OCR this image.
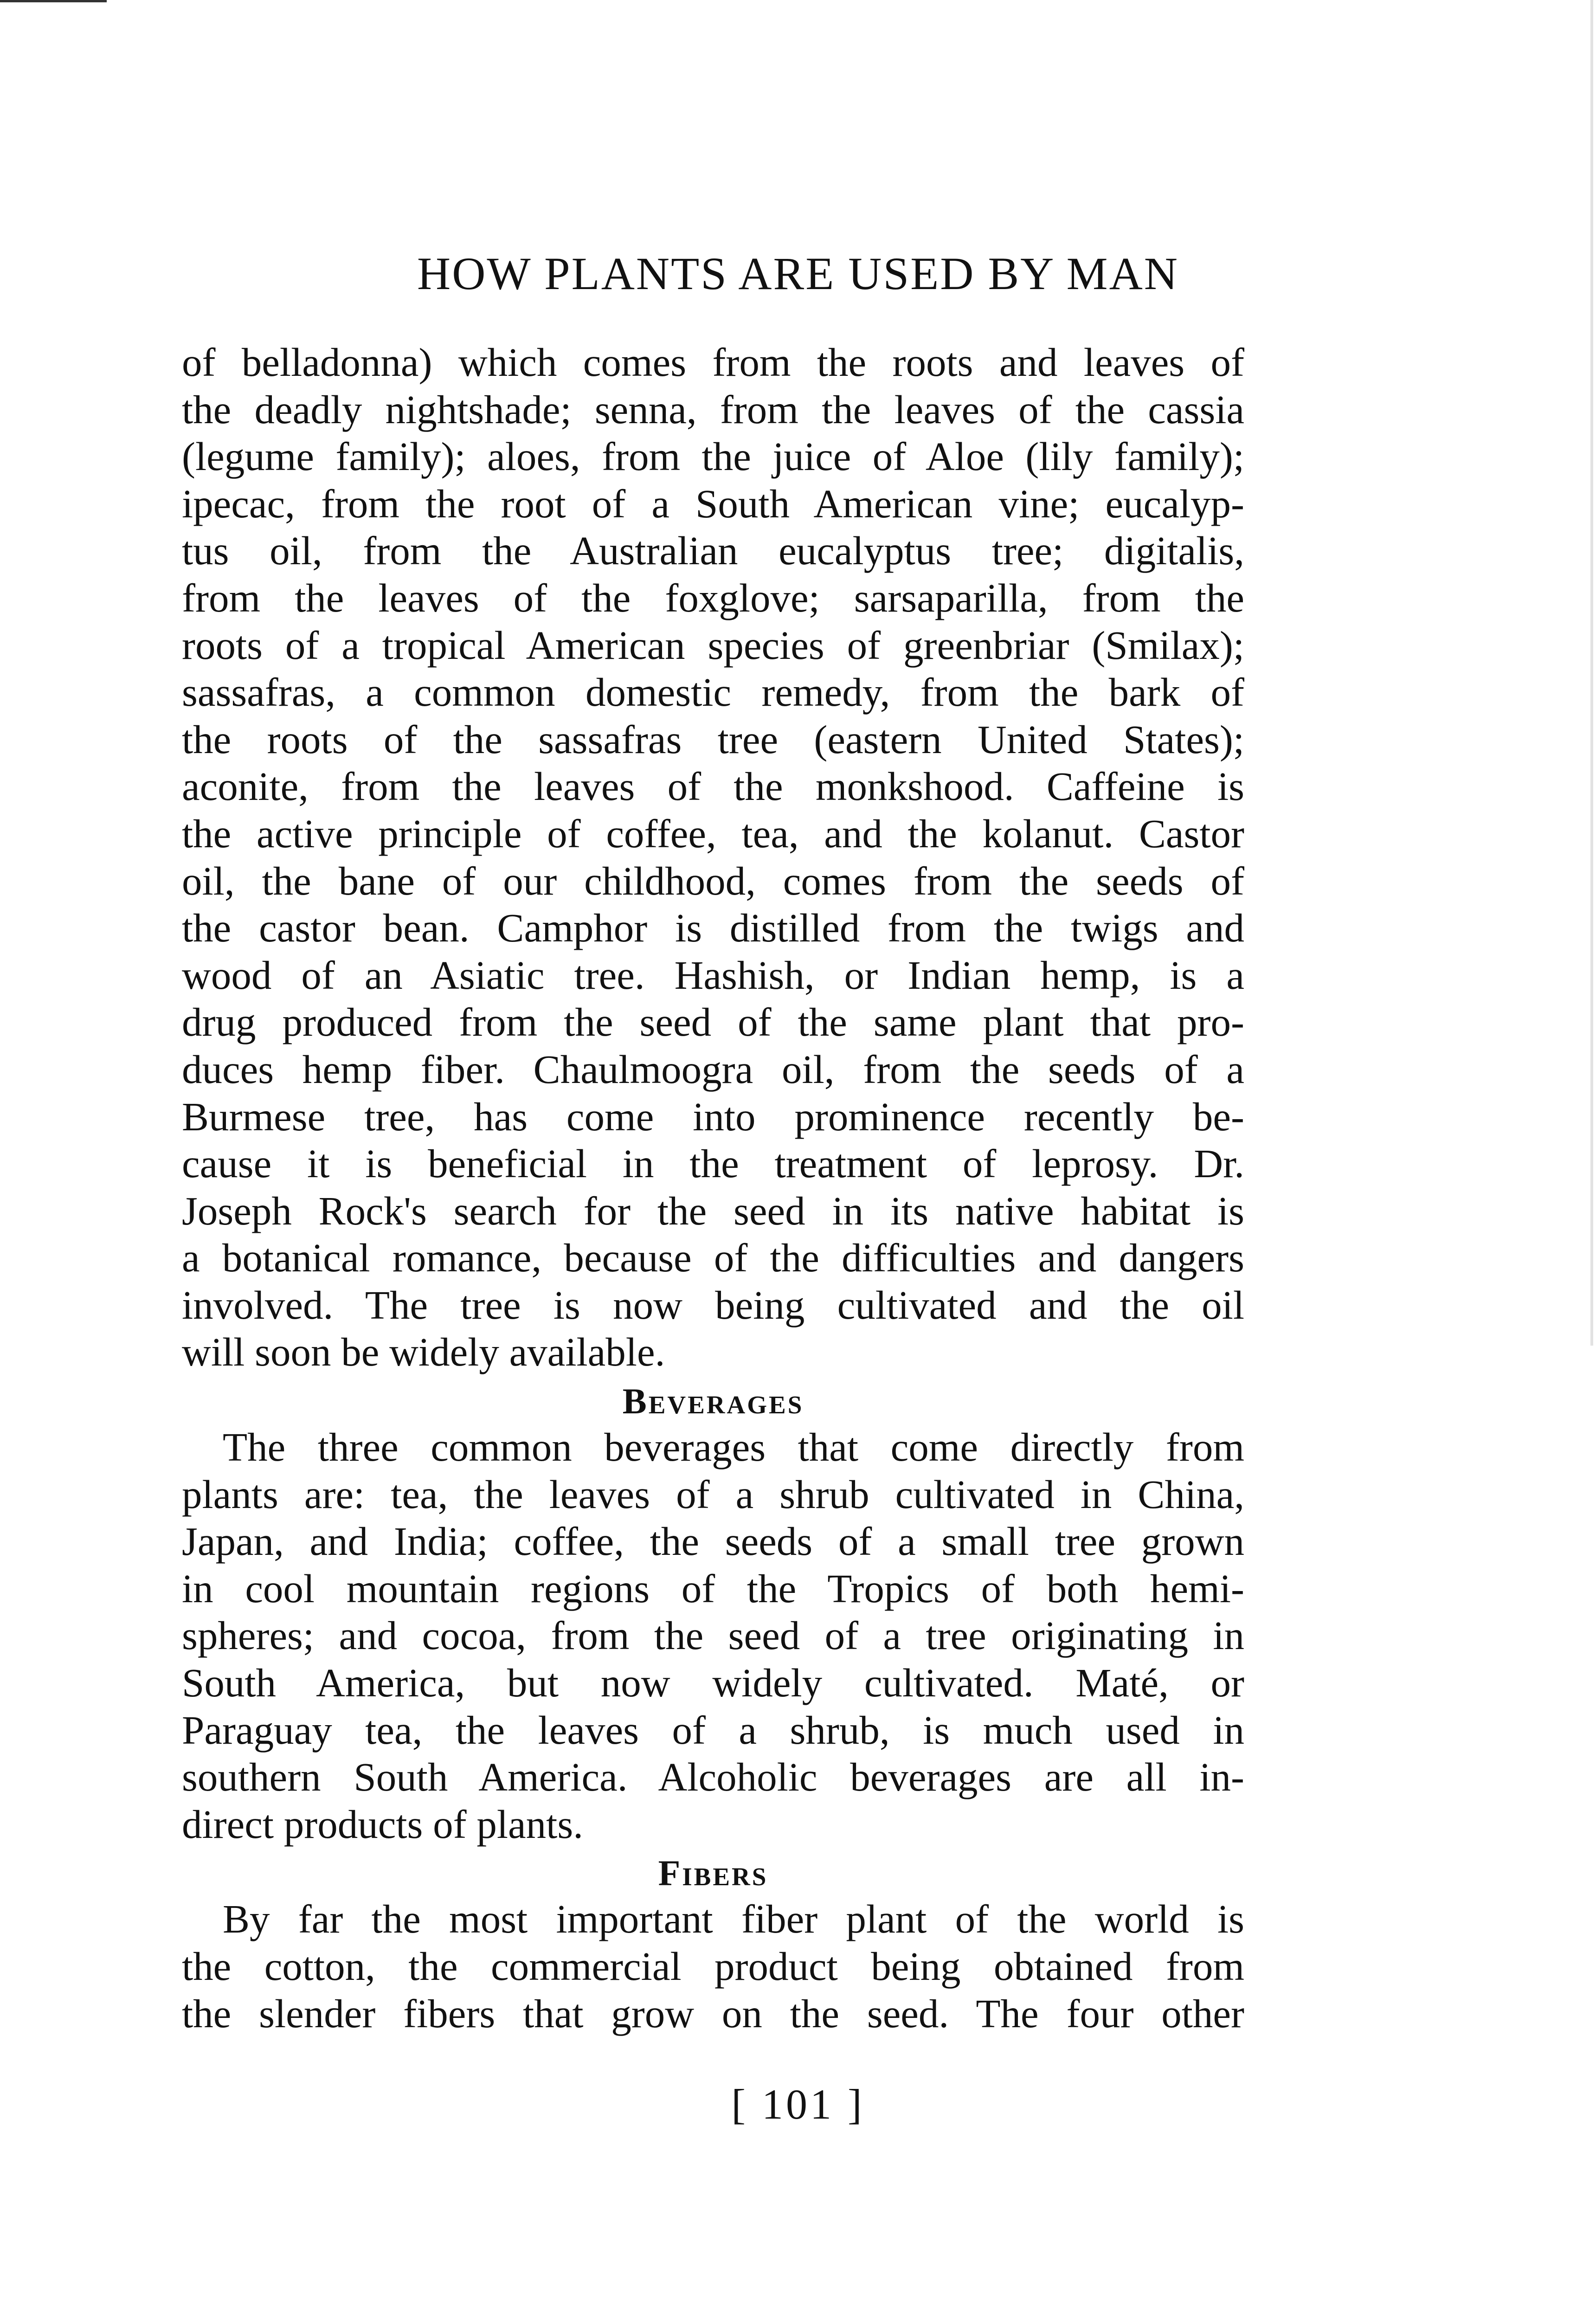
HOW PLANTS ARE USED BY MAN

of belladonna) which comes from the roots and leaves of
the deadly nightshade; senna, from the leaves of the cassia
(legume family); aloes, from the juice of Aloe (lily family);
ipecac, from the root of a South American vine; eucalyp-
tus oil, from the Australian eucalyptus tree; digitalis,
from the leaves of the foxglove; sarsaparilla, from the
roots of a tropical American species of greenbriar (Smilax);
sassafras, a common domestic remedy, from the bark of
the roots of the sassafras tree (eastern United States);
aconite, from the leaves of the monkshood. Caffeine is
the active principle of coffee, tea, and the kolanut. Castor
oil, the bane of our childhood, comes from the seeds of
the castor bean. Camphor is distilled from the twigs and
wood of an Asiatic tree. Hashish, or Indian hemp, is a
drug produced from the seed of the same plant that pro-
duces hemp fiber. Chaulmoogra oil, from the seeds of a
Burmese tree, has come into prominence recently be-
cause it is beneficial in the treatment of leprosy. Dr.
Joseph Rock's search for the seed in its native habitat is
a botanical romance, because of the difficulties and dangers
involved. The tree is now being cultivated and the oil
will soon be widely available.

Beverages

The three common beverages that come directly from
plants are: tea, the leaves of a shrub cultivated in China,
Japan, and India; coffee, the seeds of a small tree grown
in cool mountain regions of the Tropics of both hemi-
spheres; and cocoa, from the seed of a tree originating in
South America, but now widely cultivated. Maté, or
Paraguay tea, the leaves of a shrub, is much used in
southern South America. Alcoholic beverages are all in-
direct products of plants.

Fibers

By far the most important fiber plant of the world is
the cotton, the commercial product being obtained from
the slender fibers that grow on the seed. The four other

[ 101 ]
